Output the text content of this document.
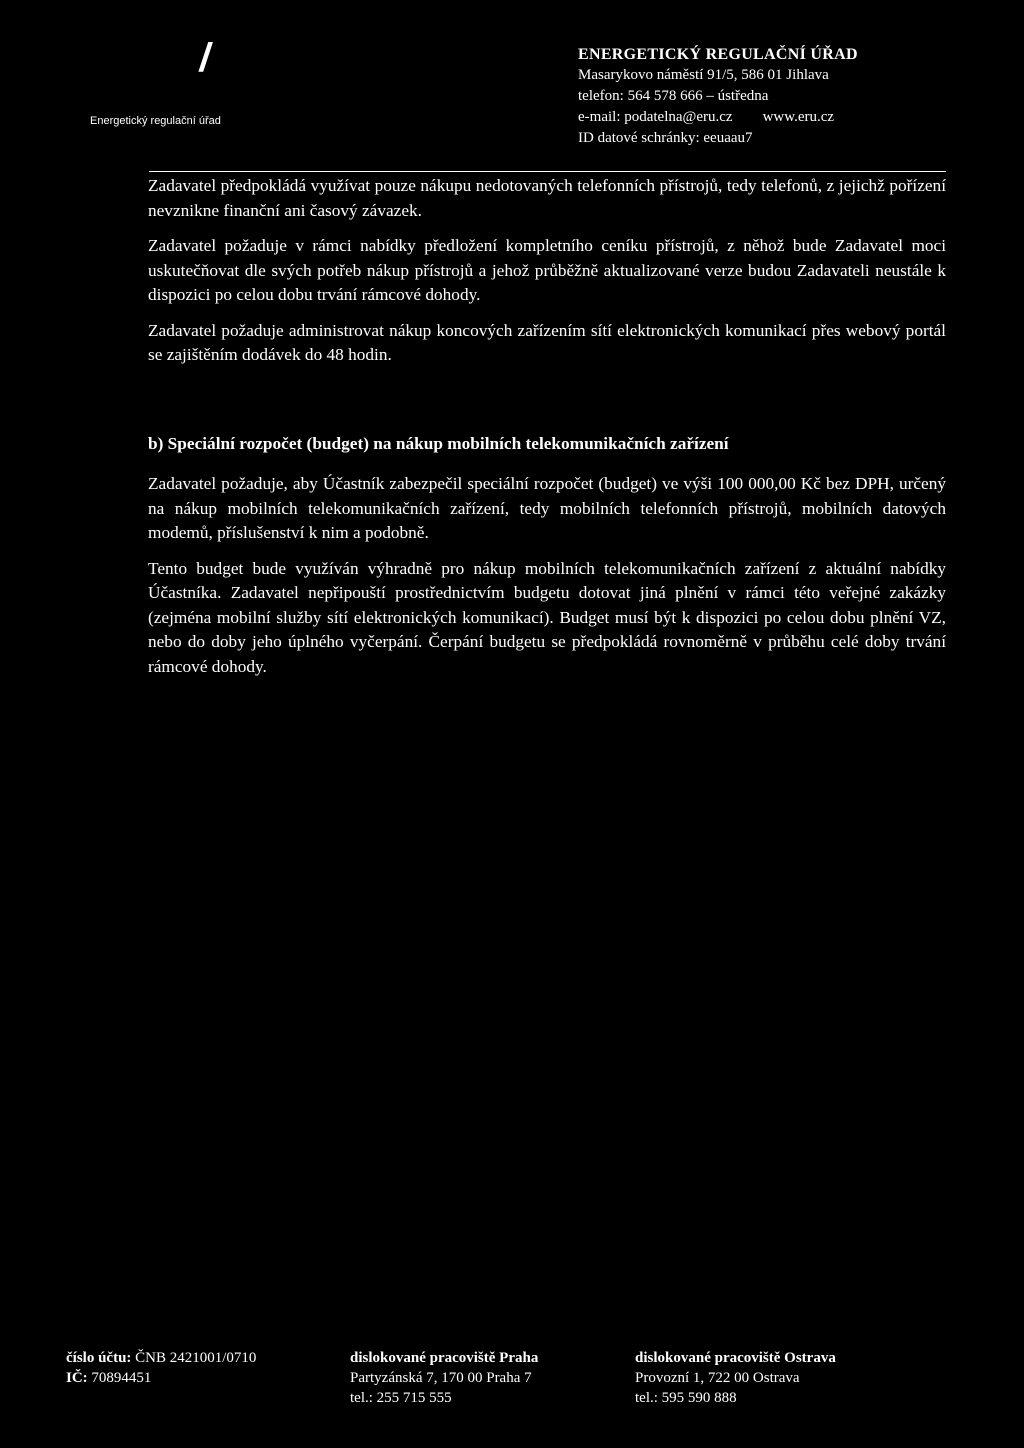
/
Energetický regulační úřad
ENERGETICKÝ REGULAČNÍ ÚŘAD
Masarykovo náměstí 91/5, 586 01 Jihlava
telefon: 564 578 666 – ústředna
e-mail: podatelna@eru.cz www.eru.cz
ID datové schránky: eeuaau7

Zadavatel předpokládá využívat pouze nákupu nedotovaných telefonních přístrojů, tedy telefonů, z jejichž pořízení nevznikne finanční ani časový závazek.

Zadavatel požaduje v rámci nabídky předložení kompletního ceníku přístrojů, z něhož bude Zadavatel moci uskutečňovat dle svých potřeb nákup přístrojů a jehož průběžně aktualizované verze budou Zadavateli neustále k dispozici po celou dobu trvání rámcové dohody.

Zadavatel požaduje administrovat nákup koncových zařízením sítí elektronických komunikací přes webový portál se zajištěním dodávek do 48 hodin.

b) Speciální rozpočet (budget) na nákup mobilních telekomunikačních zařízení

Zadavatel požaduje, aby Účastník zabezpečil speciální rozpočet (budget) ve výši 100 000,00 Kč bez DPH, určený na nákup mobilních telekomunikačních zařízení, tedy mobilních telefonních přístrojů, mobilních datových modemů, příslušenství k nim a podobně.

Tento budget bude využíván výhradně pro nákup mobilních telekomunikačních zařízení z aktuální nabídky Účastníka. Zadavatel nepřipouští prostřednictvím budgetu dotovat jiná plnění v rámci této veřejné zakázky (zejména mobilní služby sítí elektronických komunikací). Budget musí být k dispozici po celou dobu plnění VZ, nebo do doby jeho úplného vyčerpání. Čerpání budgetu se předpokládá rovnoměrně v průběhu celé doby trvání rámcové dohody.

číslo účtu: ČNB 2421001/0710
IČ: 70894451
dislokované pracoviště Praha
Partyzánská 7, 170 00 Praha 7
tel.: 255 715 555
dislokované pracoviště Ostrava
Provozní 1, 722 00 Ostrava
tel.: 595 590 888
